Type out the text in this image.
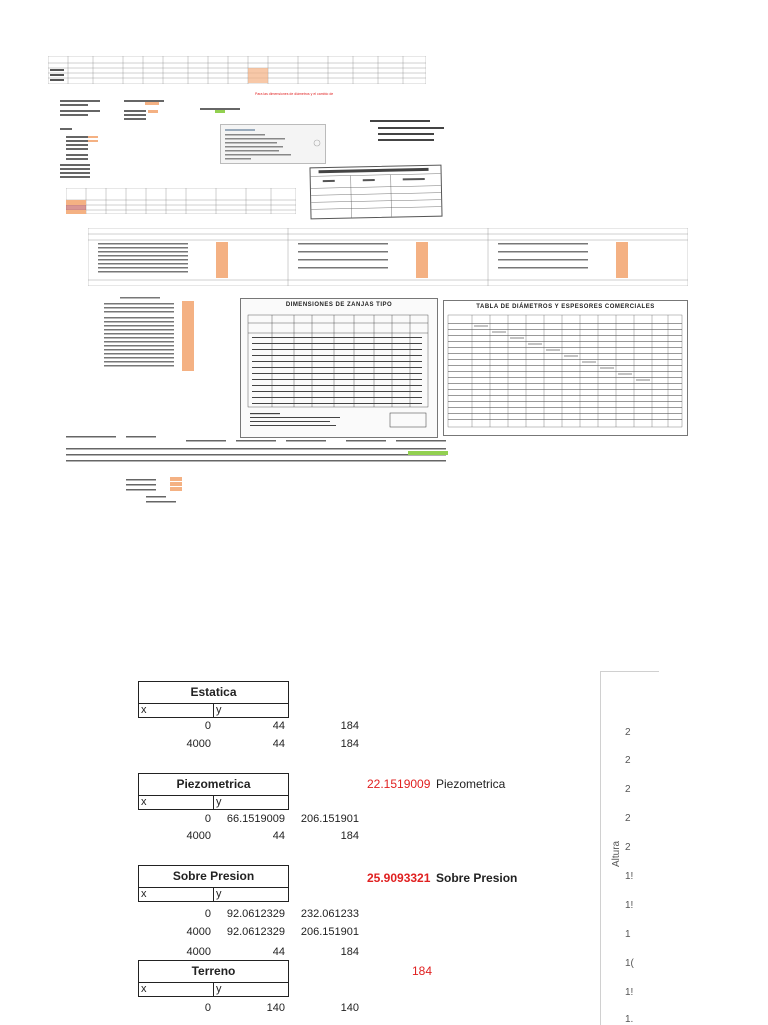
Para las dimensiones de diámetros y el cambio de
DIMENSIONES DE ZANJAS TIPO	TABLA DE DIÁMETROS Y ESPESORES COMERCIALES
Estatica
x	y
0	44	184
4000	44	184
Piezometrica
x	y
22.1519009 Piezometrica
0 66.1519009 206.151901
4000	44	184
Sobre Presion
x	y
25.9093321 Sobre Presion
0 92.0612329 232.061233
4000 92.0612329 206.151901
4000	44	184
Terreno
x	y
184
0	140	140
Altura
2
2
2
2
2
1!
1!
1
1(
1!
1.
